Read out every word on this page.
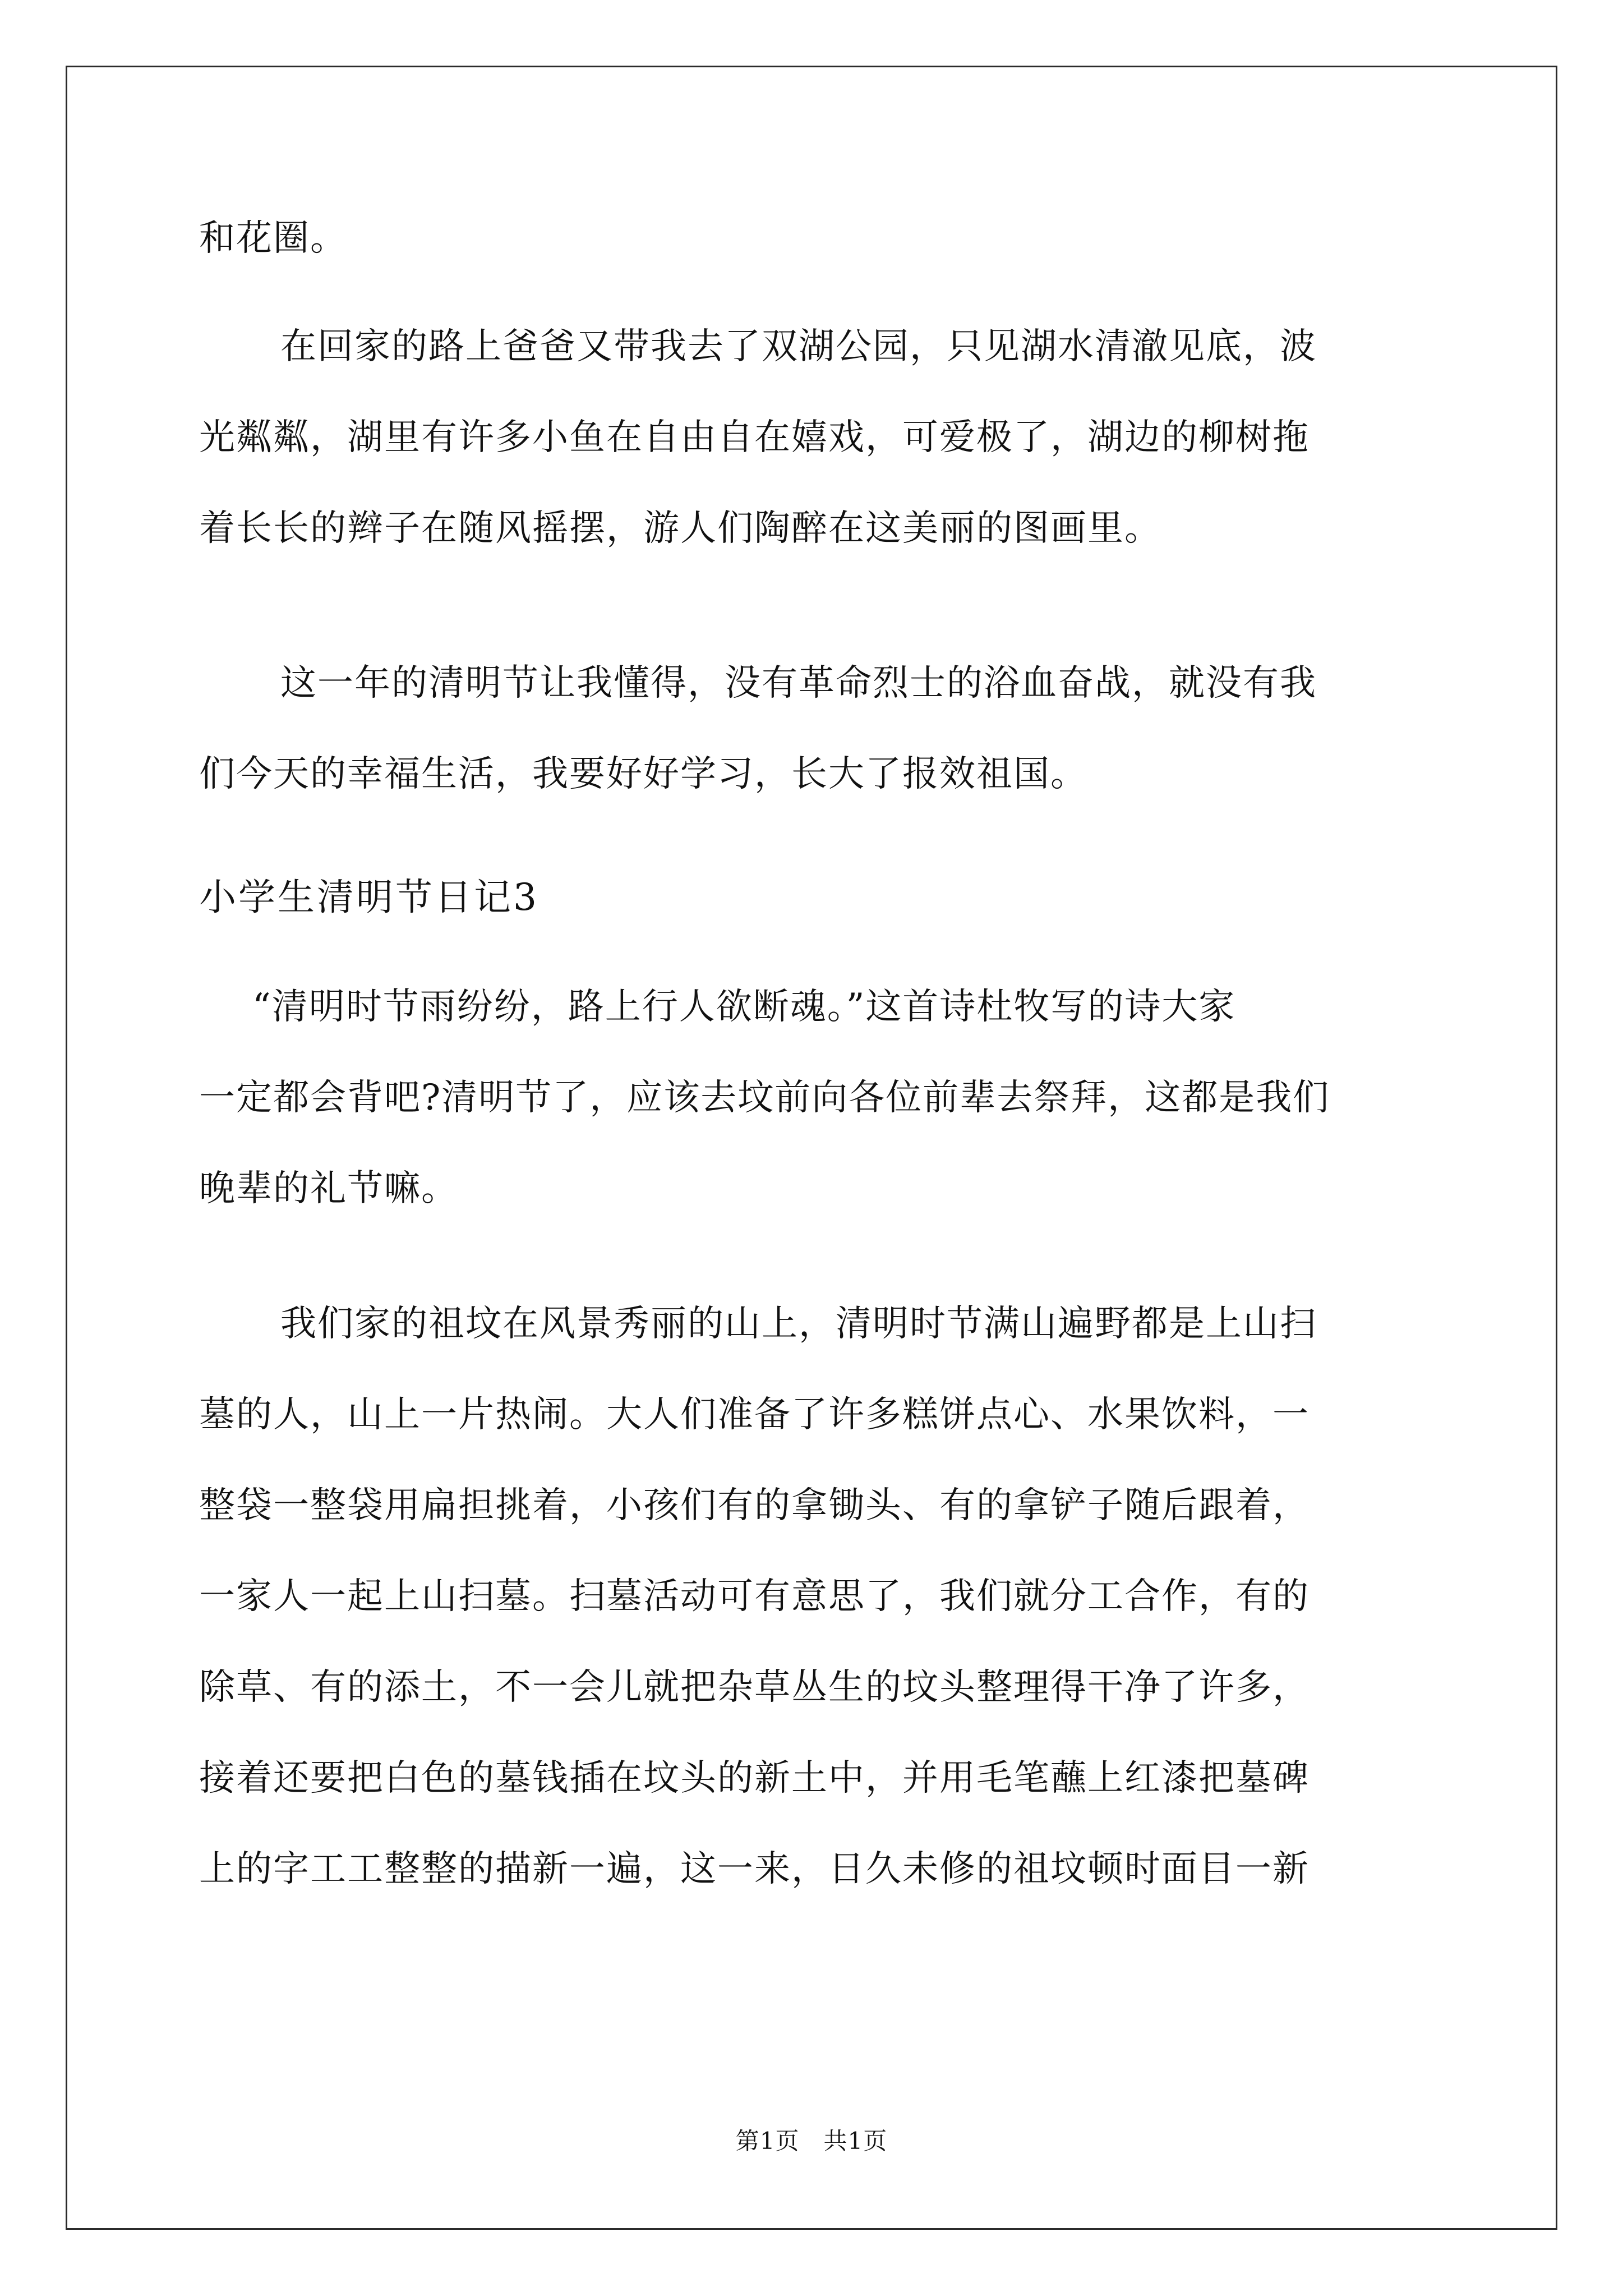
和花圈。
在回家的路上爸爸又带我去了双湖公园，只见湖水清澈见底，波
光粼粼，湖里有许多小鱼在自由自在嬉戏，可爱极了，湖边的柳树拖
着长长的辫子在随风摇摆，游人们陶醉在这美丽的图画里。
这一年的清明节让我懂得，没有革命烈士的浴血奋战，就没有我
们今天的幸福生活，我要好好学习，长大了报效祖国。
小学生清明节日记3
“清明时节雨纷纷，路上行人欲断魂。”这首诗杜牧写的诗大家
一定都会背吧?清明节了，应该去坟前向各位前辈去祭拜，这都是我们
晚辈的礼节嘛。
我们家的祖坟在风景秀丽的山上，清明时节满山遍野都是上山扫
墓的人，山上一片热闹。大人们准备了许多糕饼点心、水果饮料，一
整袋一整袋用扁担挑着，小孩们有的拿锄头、有的拿铲子随后跟着，
一家人一起上山扫墓。扫墓活动可有意思了，我们就分工合作，有的
除草、有的添土，不一会儿就把杂草丛生的坟头整理得干净了许多，
接着还要把白色的墓钱插在坟头的新土中，并用毛笔蘸上红漆把墓碑
上的字工工整整的描新一遍，这一来，日久未修的祖坟顿时面目一新
第1页　共1页
